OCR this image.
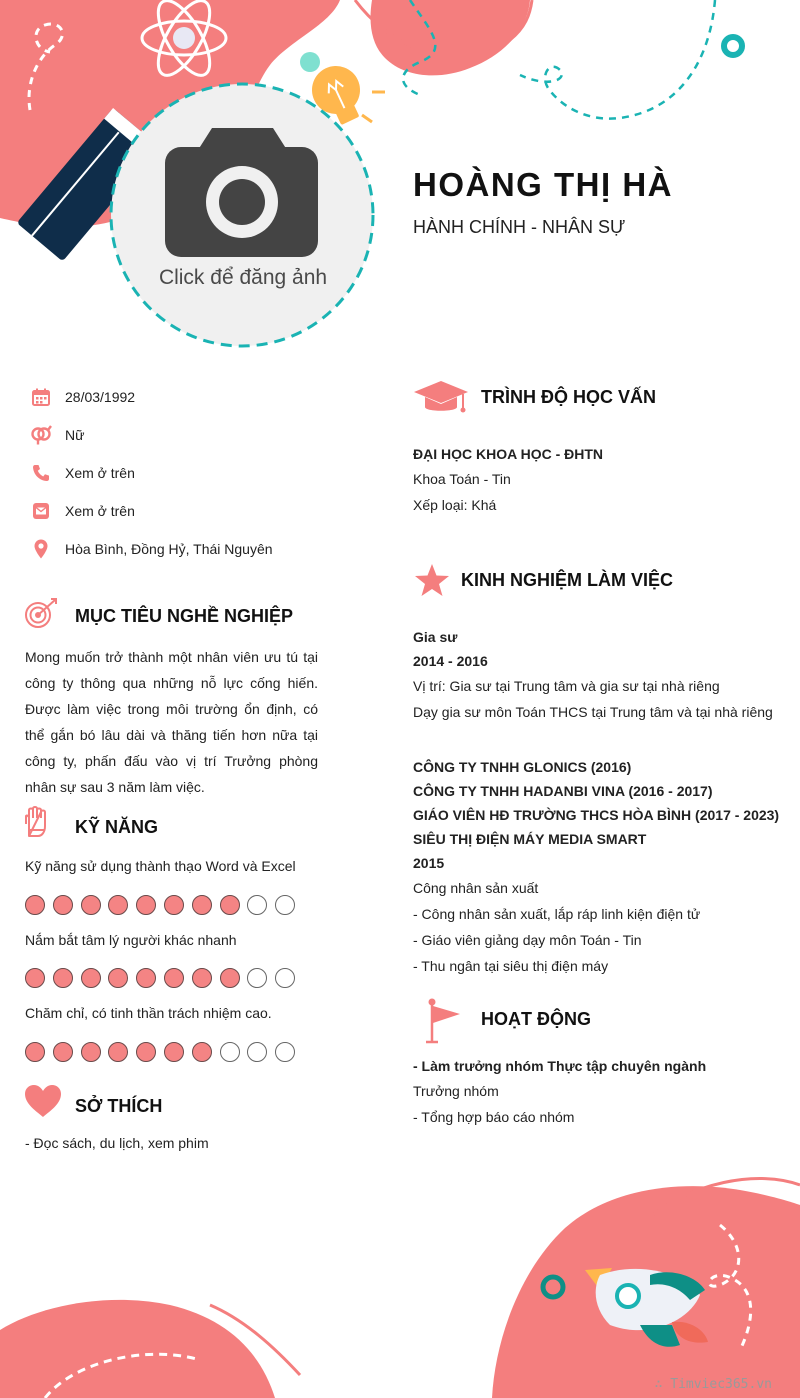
HOÀNG THỊ HÀ
HÀNH CHÍNH - NHÂN SỰ
Click để đăng ảnh
28/03/1992
Nữ
Xem ở trên
Xem ở trên
Hòa Bình, Đồng Hỷ, Thái Nguyên
MỤC TIÊU NGHỀ NGHIỆP
Mong muốn trở thành một nhân viên ưu tú tại công ty thông qua những nỗ lực cống hiến. Được làm việc trong môi trường ổn định, có thể gắn bó lâu dài và thăng tiến hơn nữa tại công ty, phấn đấu vào vị trí Trưởng phòng nhân sự sau 3 năm làm việc.
KỸ NĂNG
Kỹ năng sử dụng thành thạo Word và Excel
Nắm bắt tâm lý người khác nhanh
Chăm chỉ, có tinh thần trách nhiệm cao.
SỞ THÍCH
- Đọc sách, du lịch, xem phim
TRÌNH ĐỘ HỌC VẤN
ĐẠI HỌC KHOA HỌC - ĐHTN
Khoa Toán - Tin
Xếp loại: Khá
KINH NGHIỆM LÀM VIỆC
Gia sư
2014 - 2016
Vị trí: Gia sư tại Trung tâm và gia sư tại nhà riêng
Dạy gia sư môn Toán THCS tại Trung tâm và tại nhà riêng
CÔNG TY TNHH GLONICS (2016)
CÔNG TY TNHH HADANBI VINA (2016 - 2017)
GIÁO VIÊN HĐ TRƯỜNG THCS HÒA BÌNH (2017 - 2023)
SIÊU THỊ ĐIỆN MÁY MEDIA SMART
2015
Công nhân sản xuất
- Công nhân sản xuất, lắp ráp linh kiện điện tử
- Giáo viên giảng dạy môn Toán - Tin
- Thu ngân tại siêu thị điện máy
HOẠT ĐỘNG
- Làm trưởng nhóm Thực tập chuyên ngành
Trưởng nhóm
- Tổng hợp báo cáo nhóm
∴ Timviec365.vn
